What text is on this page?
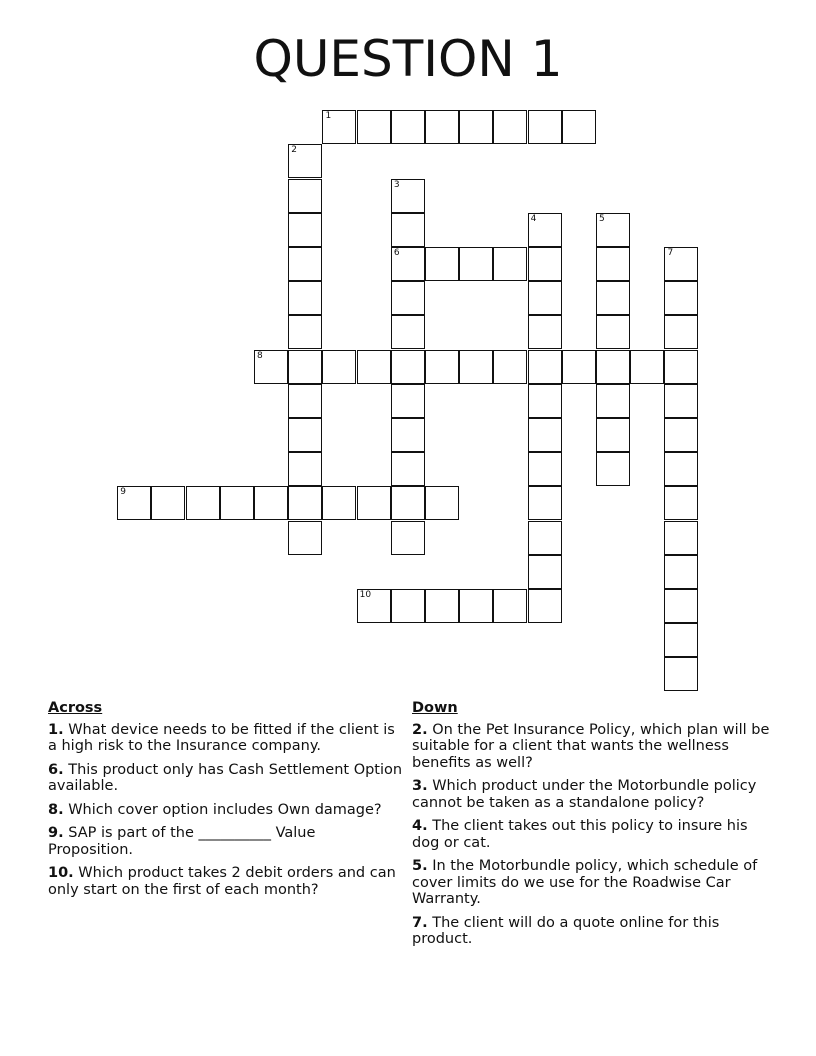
QUESTION 1
1
2
3
6
4	5
7
8
9
10
Across
1. What device needs to be fitted if the client is a high risk to the Insurance company.
6. This product only has Cash Settlement Option available.
8. Which cover option includes Own damage?
9. SAP is part of the __________ Value Proposition.
10. Which product takes 2 debit orders and can only start on the first of each month?
Down
2. On the Pet Insurance Policy, which plan will be suitable for a client that wants the wellness benefits as well?
3. Which product under the Motorbundle policy cannot be taken as a standalone policy?
4. The client takes out this policy to insure his dog or cat.
5. In the Motorbundle policy, which schedule of cover limits do we use for the Roadwise Car Warranty.
7. The client will do a quote online for this product.
